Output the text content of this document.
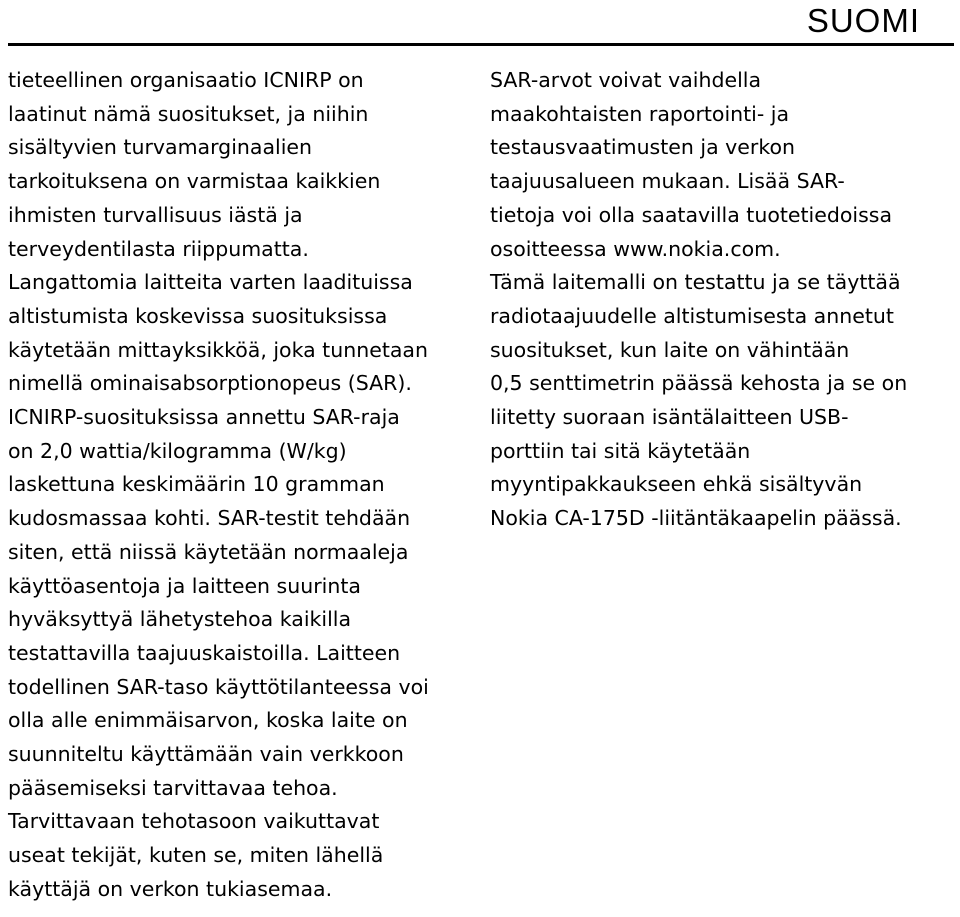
SUOMI
tieteellinen organisaatio ICNIRP on
laatinut nämä suositukset, ja niihin
sisältyvien turvamarginaalien
tarkoituksena on varmistaa kaikkien
ihmisten turvallisuus iästä ja
terveydentilasta riippumatta.
Langattomia laitteita varten laadituissa
altistumista koskevissa suosituksissa
käytetään mittayksikköä, joka tunnetaan
nimellä ominaisabsorptionopeus (SAR).
ICNIRP-suosituksissa annettu SAR-raja
on 2,0 wattia/kilogramma (W/kg)
laskettuna keskimäärin 10 gramman
kudosmassaa kohti. SAR-testit tehdään
siten, että niissä käytetään normaaleja
käyttöasentoja ja laitteen suurinta
hyväksyttyä lähetystehoa kaikilla
testattavilla taajuuskaistoilla. Laitteen
todellinen SAR-taso käyttötilanteessa voi
olla alle enimmäisarvon, koska laite on
suunniteltu käyttämään vain verkkoon
pääsemiseksi tarvittavaa tehoa.
Tarvittavaan tehotasoon vaikuttavat
useat tekijät, kuten se, miten lähellä
käyttäjä on verkon tukiasemaa.
SAR-arvot voivat vaihdella
maakohtaisten raportointi- ja
testausvaatimusten ja verkon
taajuusalueen mukaan. Lisää SAR-
tietoja voi olla saatavilla tuotetiedoissa
osoitteessa www.nokia.com.
Tämä laitemalli on testattu ja se täyttää
radiotaajuudelle altistumisesta annetut
suositukset, kun laite on vähintään
0,5 senttimetrin päässä kehosta ja se on
liitetty suoraan isäntälaitteen USB-
porttiin tai sitä käytetään
myyntipakkaukseen ehkä sisältyvän
Nokia CA-175D -liitäntäkaapelin päässä.
